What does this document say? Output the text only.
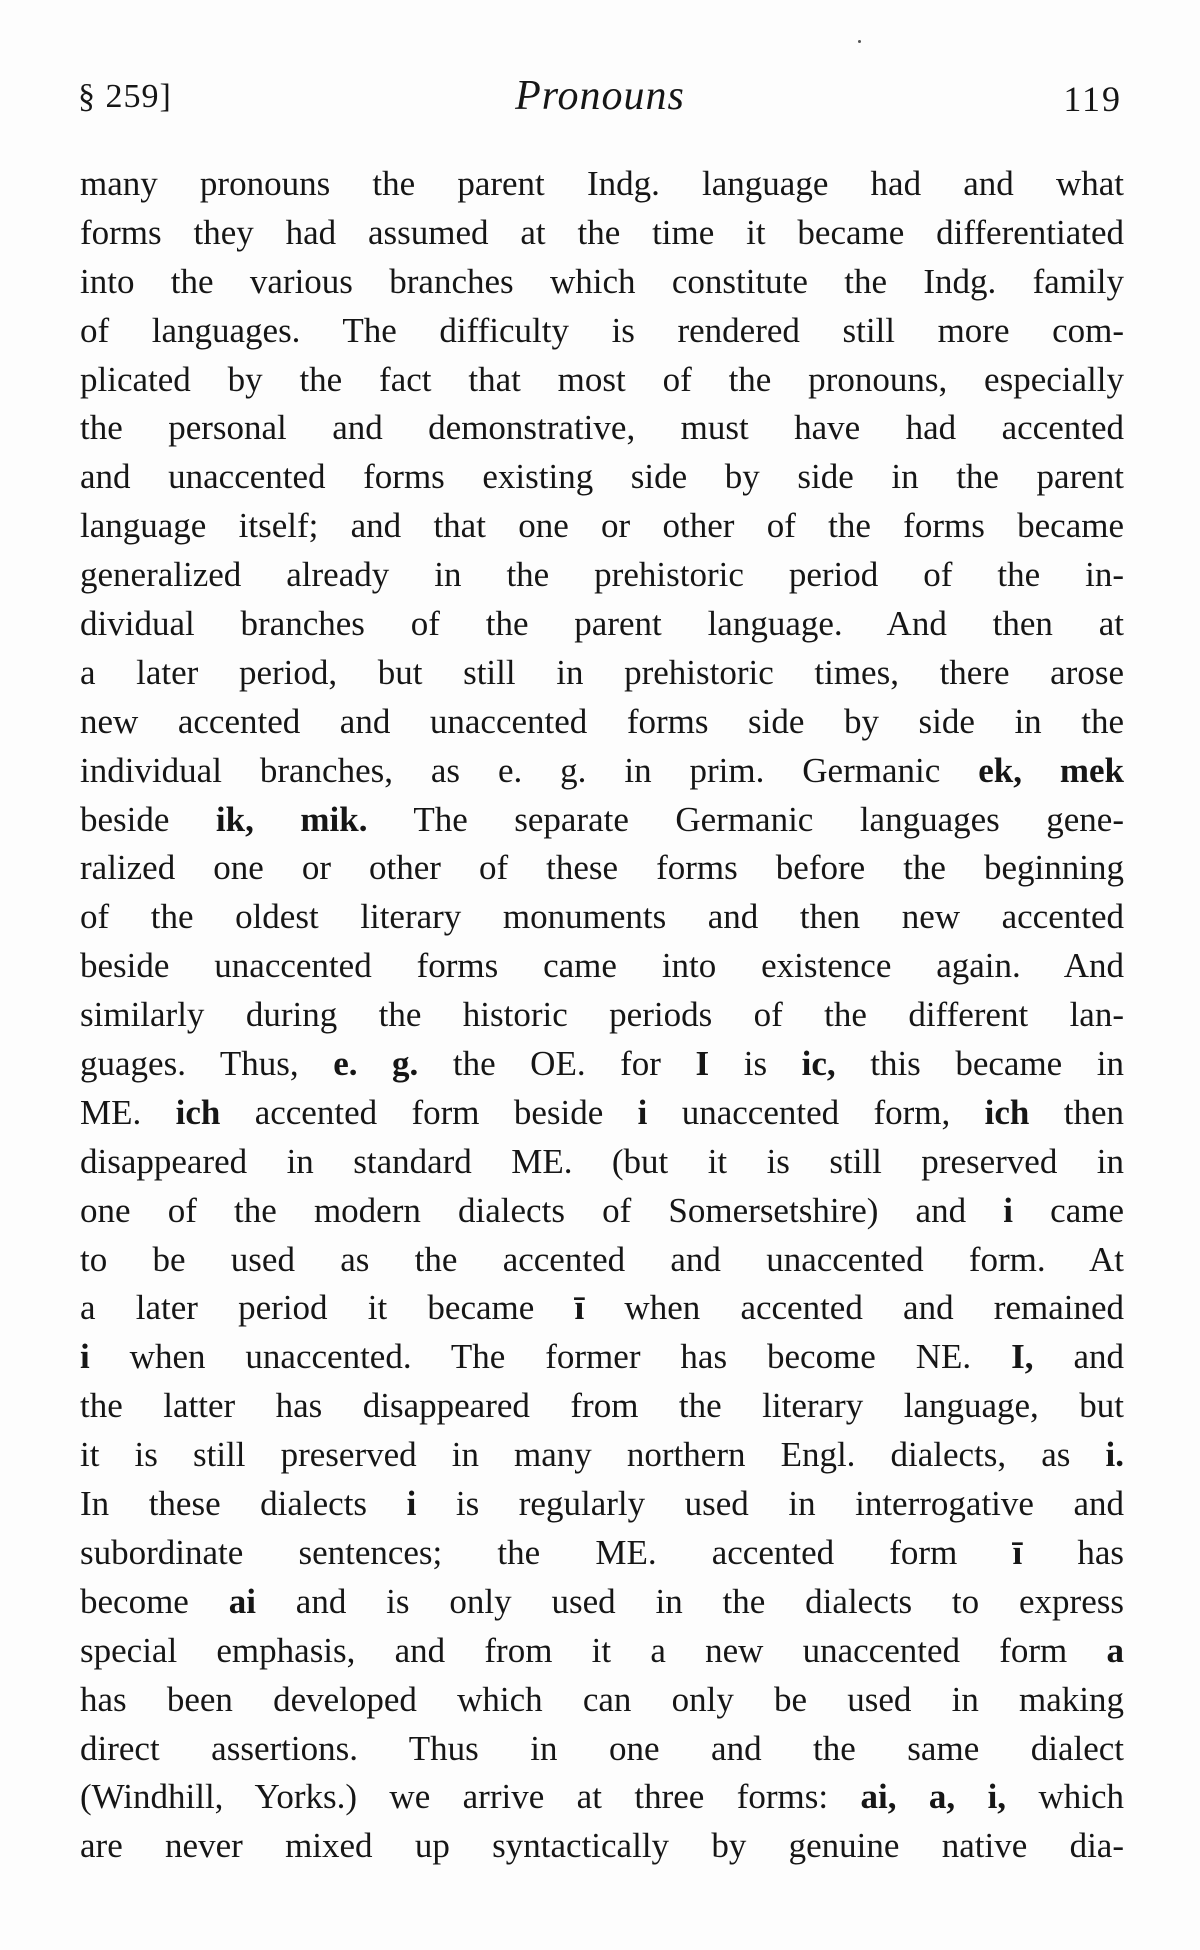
§ 259]	Pronouns	119
many pronouns the parent Indg. language had and what
forms they had assumed at the time it became differentiated
into the various branches which constitute the Indg. family
of languages. The difficulty is rendered still more com-
plicated by the fact that most of the pronouns, especially
the personal and demonstrative, must have had accented
and unaccented forms existing side by side in the parent
language itself; and that one or other of the forms became
generalized already in the prehistoric period of the in-
dividual branches of the parent language. And then at
a later period, but still in prehistoric times, there arose
new accented and unaccented forms side by side in the
individual branches, as e. g. in prim. Germanic ek, mek
beside ik, mik. The separate Germanic languages gene-
ralized one or other of these forms before the beginning
of the oldest literary monuments and then new accented
beside unaccented forms came into existence again. And
similarly during the historic periods of the different lan-
guages. Thus, e. g. the OE. for I is ic, this became in
ME. ich accented form beside i unaccented form, ich then
disappeared in standard ME. (but it is still preserved in
one of the modern dialects of Somersetshire) and i came
to be used as the accented and unaccented form. At
a later period it became ī when accented and remained
i when unaccented. The former has become NE. I, and
the latter has disappeared from the literary language, but
it is still preserved in many northern Engl. dialects, as i.
In these dialects i is regularly used in interrogative and
subordinate sentences; the ME. accented form ī has
become ai and is only used in the dialects to express
special emphasis, and from it a new unaccented form a
has been developed which can only be used in making
direct assertions. Thus in one and the same dialect
(Windhill, Yorks.) we arrive at three forms: ai, a, i, which
are never mixed up syntactically by genuine native dia-
